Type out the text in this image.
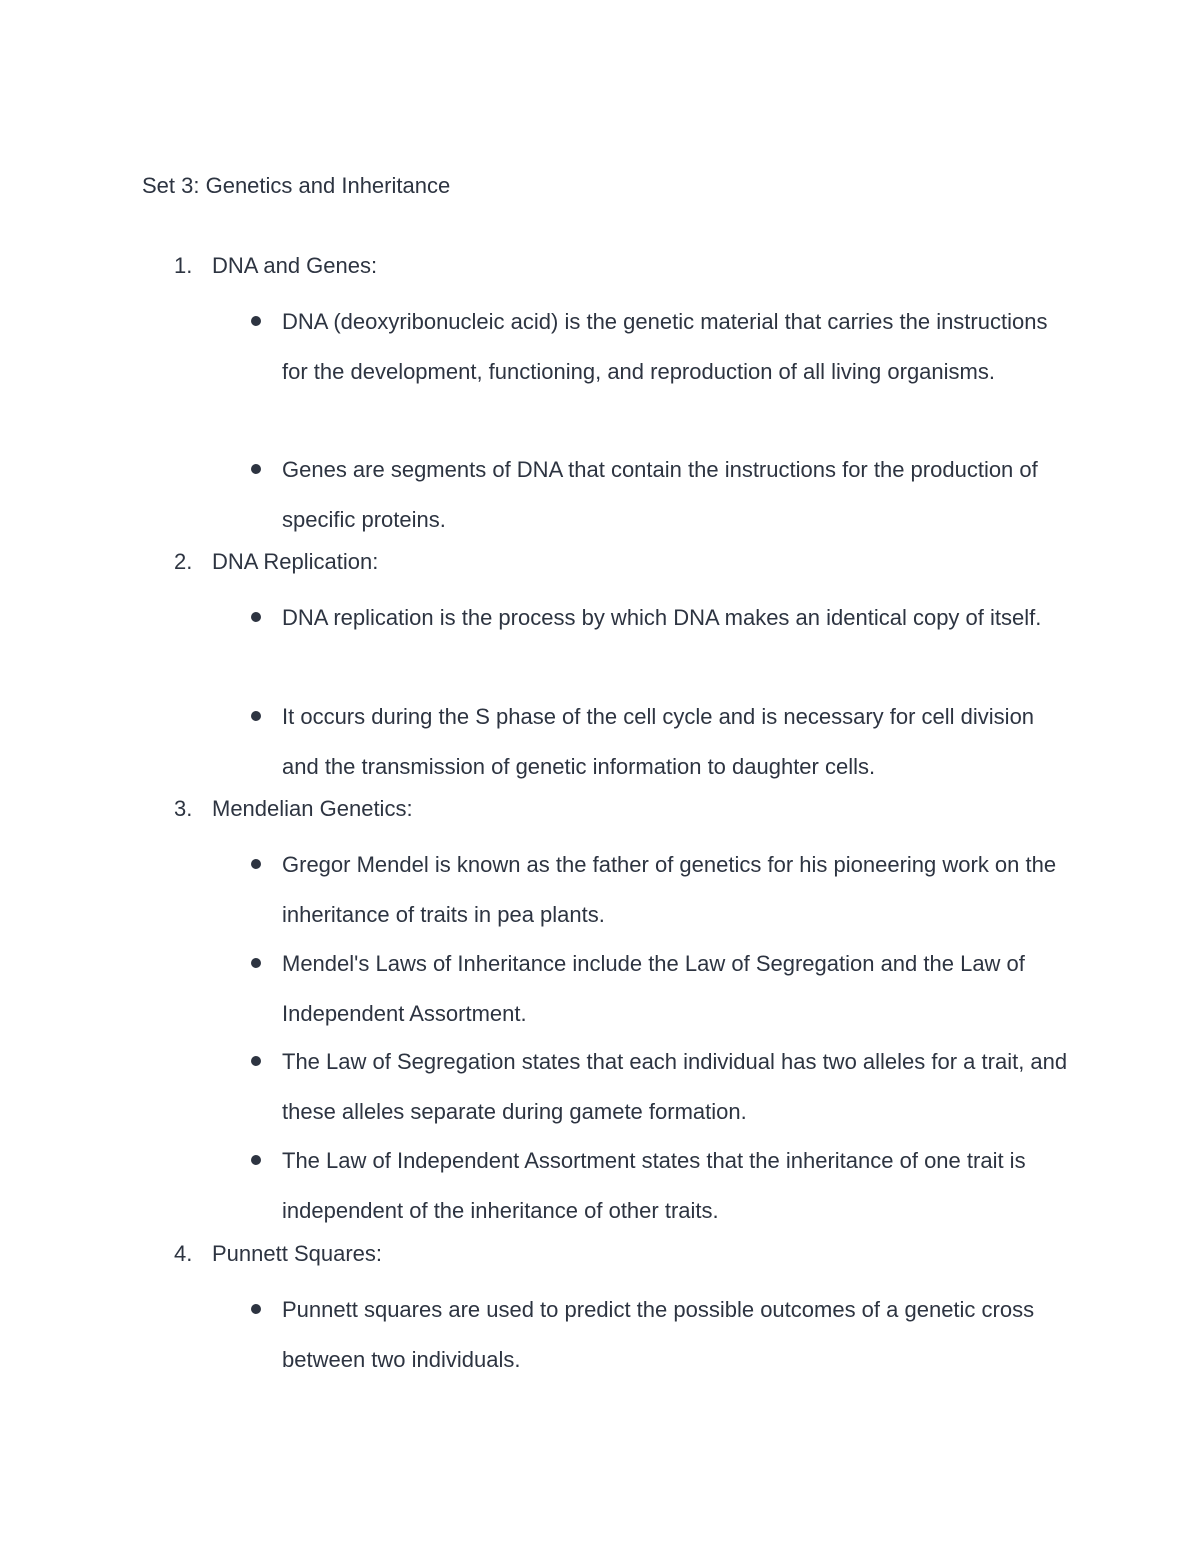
Set 3: Genetics and Inheritance
1. DNA and Genes:
DNA (deoxyribonucleic acid) is the genetic material that carries the instructions for the development, functioning, and reproduction of all living organisms.
Genes are segments of DNA that contain the instructions for the production of specific proteins.
2. DNA Replication:
DNA replication is the process by which DNA makes an identical copy of itself.
It occurs during the S phase of the cell cycle and is necessary for cell division and the transmission of genetic information to daughter cells.
3. Mendelian Genetics:
Gregor Mendel is known as the father of genetics for his pioneering work on the inheritance of traits in pea plants.
Mendel's Laws of Inheritance include the Law of Segregation and the Law of Independent Assortment.
The Law of Segregation states that each individual has two alleles for a trait, and these alleles separate during gamete formation.
The Law of Independent Assortment states that the inheritance of one trait is independent of the inheritance of other traits.
4. Punnett Squares:
Punnett squares are used to predict the possible outcomes of a genetic cross between two individuals.
